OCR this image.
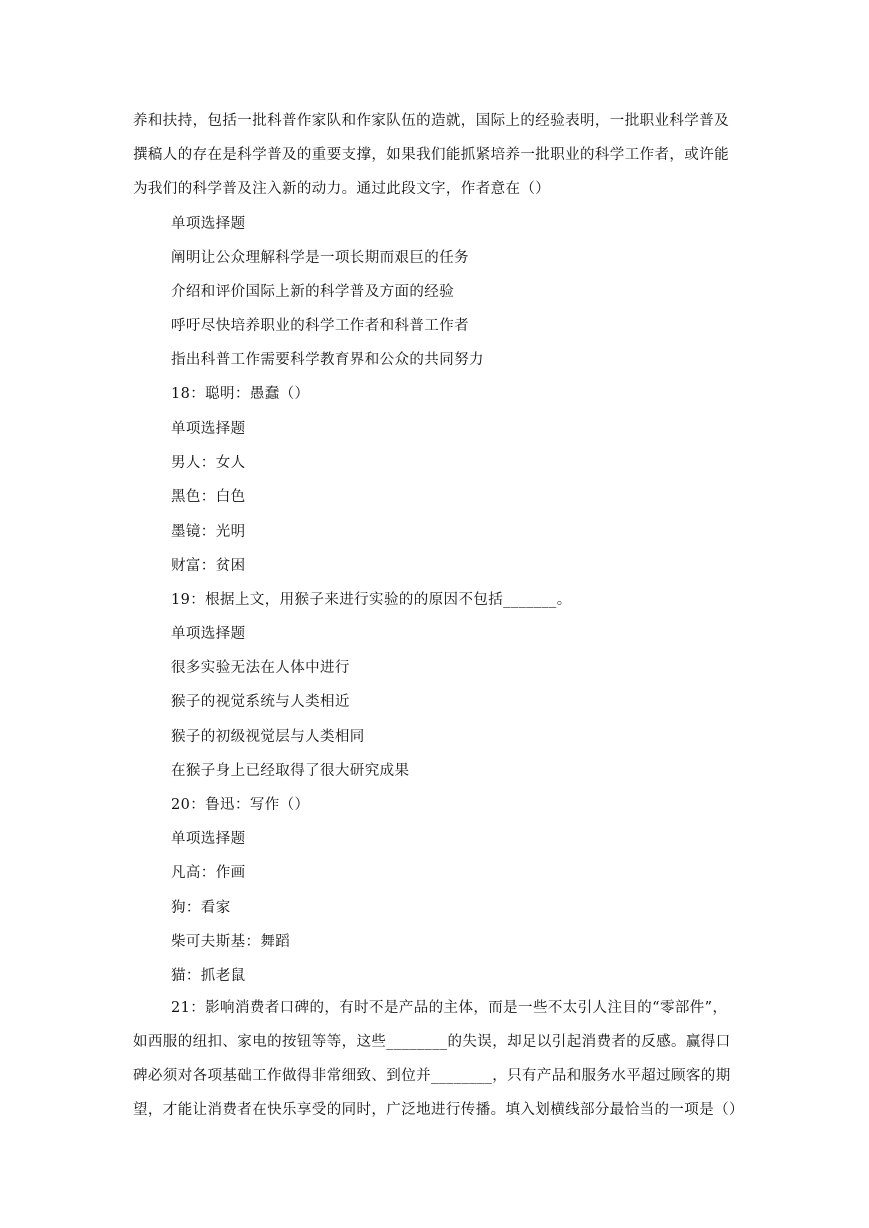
养和扶持，包括一批科普作家队和作家队伍的造就，国际上的经验表明，一批职业科学普及
撰稿人的存在是科学普及的重要支撑，如果我们能抓紧培养一批职业的科学工作者，或许能
为我们的科学普及注入新的动力。通过此段文字，作者意在（）

单项选择题

阐明让公众理解科学是一项长期而艰巨的任务

介绍和评价国际上新的科学普及方面的经验

呼吁尽快培养职业的科学工作者和科普工作者

指出科普工作需要科学教育界和公众的共同努力

18：聪明：愚蠢（）

单项选择题

男人：女人

黑色：白色

墨镜：光明

财富：贫困

19：根据上文，用猴子来进行实验的的原因不包括_______。

单项选择题

很多实验无法在人体中进行

猴子的视觉系统与人类相近

猴子的初级视觉层与人类相同

在猴子身上已经取得了很大研究成果

20：鲁迅：写作（）

单项选择题

凡高：作画

狗：看家

柴可夫斯基：舞蹈

猫：抓老鼠

21：影响消费者口碑的，有时不是产品的主体，而是一些不太引人注目的“零部件”，
如西服的纽扣、家电的按钮等等，这些________的失误，却足以引起消费者的反感。赢得口
碑必须对各项基础工作做得非常细致、到位并________，只有产品和服务水平超过顾客的期
望，才能让消费者在快乐享受的同时，广泛地进行传播。填入划横线部分最恰当的一项是（）
